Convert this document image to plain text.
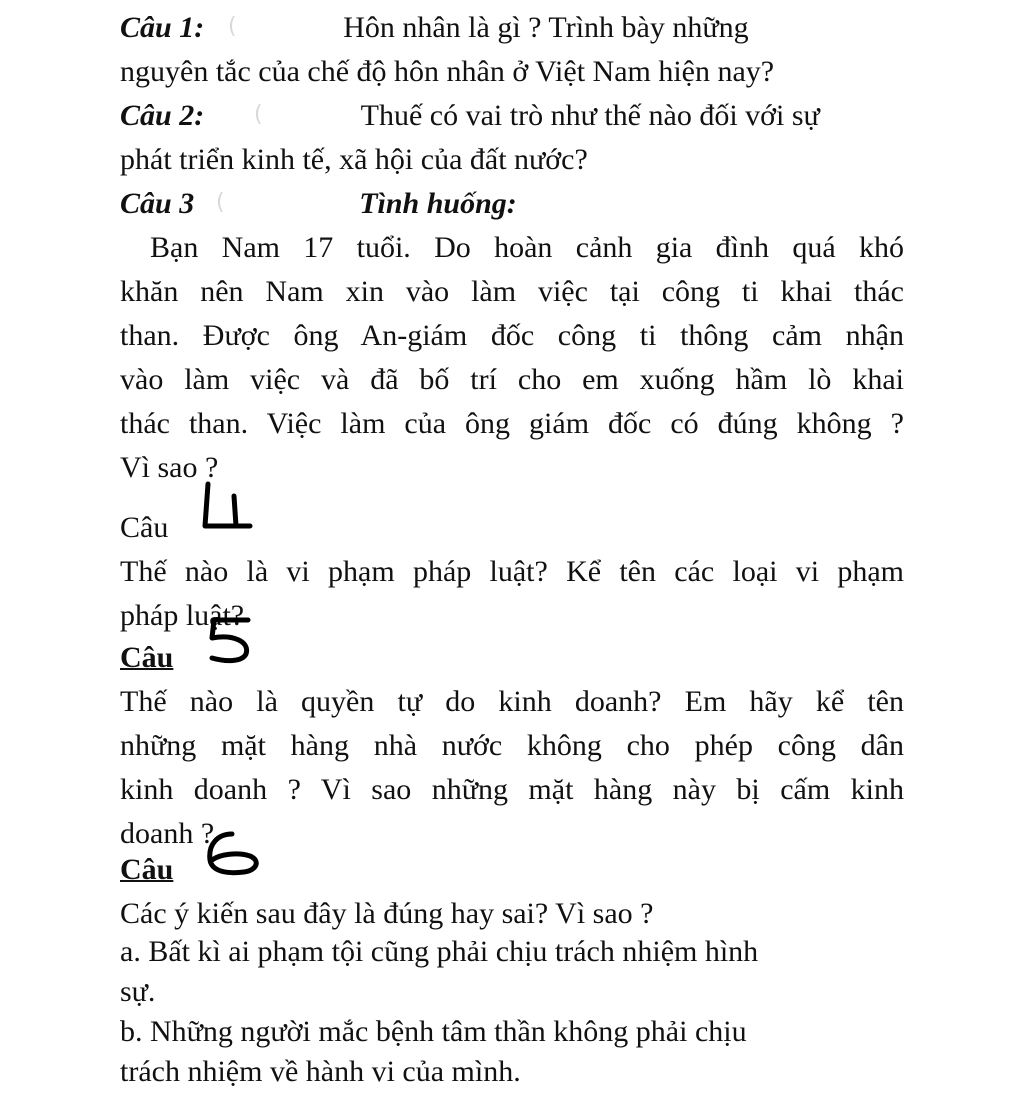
Câu 1:	Hôn nhân là gì ? Trình bày những
nguyên tắc của chế độ hôn nhân ở Việt Nam hiện nay?
Câu 2:	Thuế có vai trò như thế nào đối với sự
phát triển kinh tế, xã hội của đất nước?
Câu 3	Tình huống:
Bạn Nam 17 tuổi. Do hoàn cảnh gia đình quá khó
khăn nên Nam xin vào làm việc tại công ti khai thác
than. Được ông An-giám đốc công ti thông cảm nhận
vào làm việc và đã bố trí cho em xuống hầm lò khai
thác than. Việc làm của ông giám đốc có đúng không ?
Vì sao ?
Câu
Thế nào là vi phạm pháp luật? Kể tên các loại vi phạm
pháp luật?
Câu
Thế nào là quyền tự do kinh doanh? Em hãy kể tên
những mặt hàng nhà nước không cho phép công dân
kinh doanh ? Vì sao những mặt hàng này bị cấm kinh
doanh ?
Câu
Các ý kiến sau đây là đúng hay sai? Vì sao ?
a. Bất kì ai phạm tội cũng phải chịu trách nhiệm hình
sự.
b. Những người mắc bệnh tâm thần không phải chịu
trách nhiệm về hành vi của mình.
(
(
(
